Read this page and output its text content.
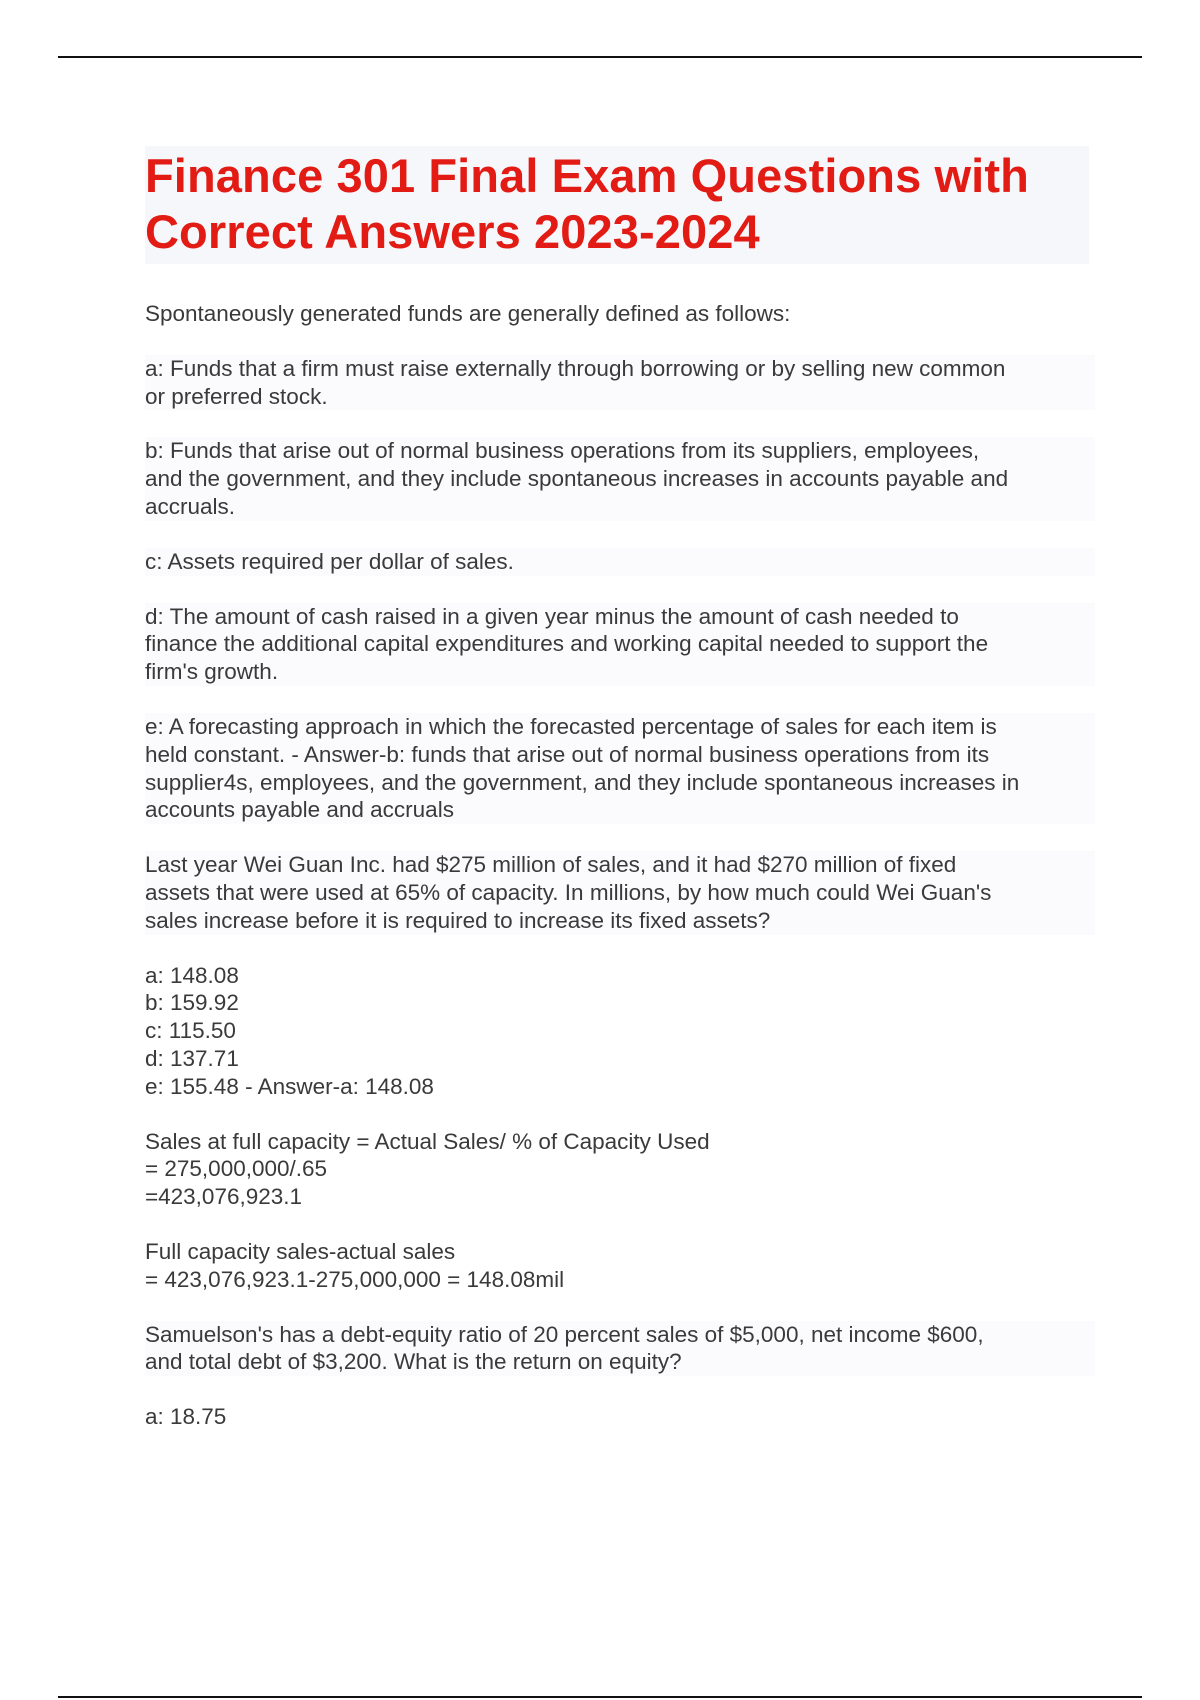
Finance 301 Final Exam Questions with
Correct Answers 2023-2024

Spontaneously generated funds are generally defined as follows:

a: Funds that a firm must raise externally through borrowing or by selling new common
or preferred stock.

b: Funds that arise out of normal business operations from its suppliers, employees,
and the government, and they include spontaneous increases in accounts payable and
accruals.

c: Assets required per dollar of sales.

d: The amount of cash raised in a given year minus the amount of cash needed to
finance the additional capital expenditures and working capital needed to support the
firm's growth.

e: A forecasting approach in which the forecasted percentage of sales for each item is
held constant. - Answer-b: funds that arise out of normal business operations from its
supplier4s, employees, and the government, and they include spontaneous increases in
accounts payable and accruals

Last year Wei Guan Inc. had $275 million of sales, and it had $270 million of fixed
assets that were used at 65% of capacity. In millions, by how much could Wei Guan's
sales increase before it is required to increase its fixed assets?

a: 148.08
b: 159.92
c: 115.50
d: 137.71
e: 155.48 - Answer-a: 148.08

Sales at full capacity = Actual Sales/ % of Capacity Used
= 275,000,000/.65
=423,076,923.1

Full capacity sales-actual sales
= 423,076,923.1-275,000,000 = 148.08mil

Samuelson's has a debt-equity ratio of 20 percent sales of $5,000, net income $600,
and total debt of $3,200. What is the return on equity?

a: 18.75
